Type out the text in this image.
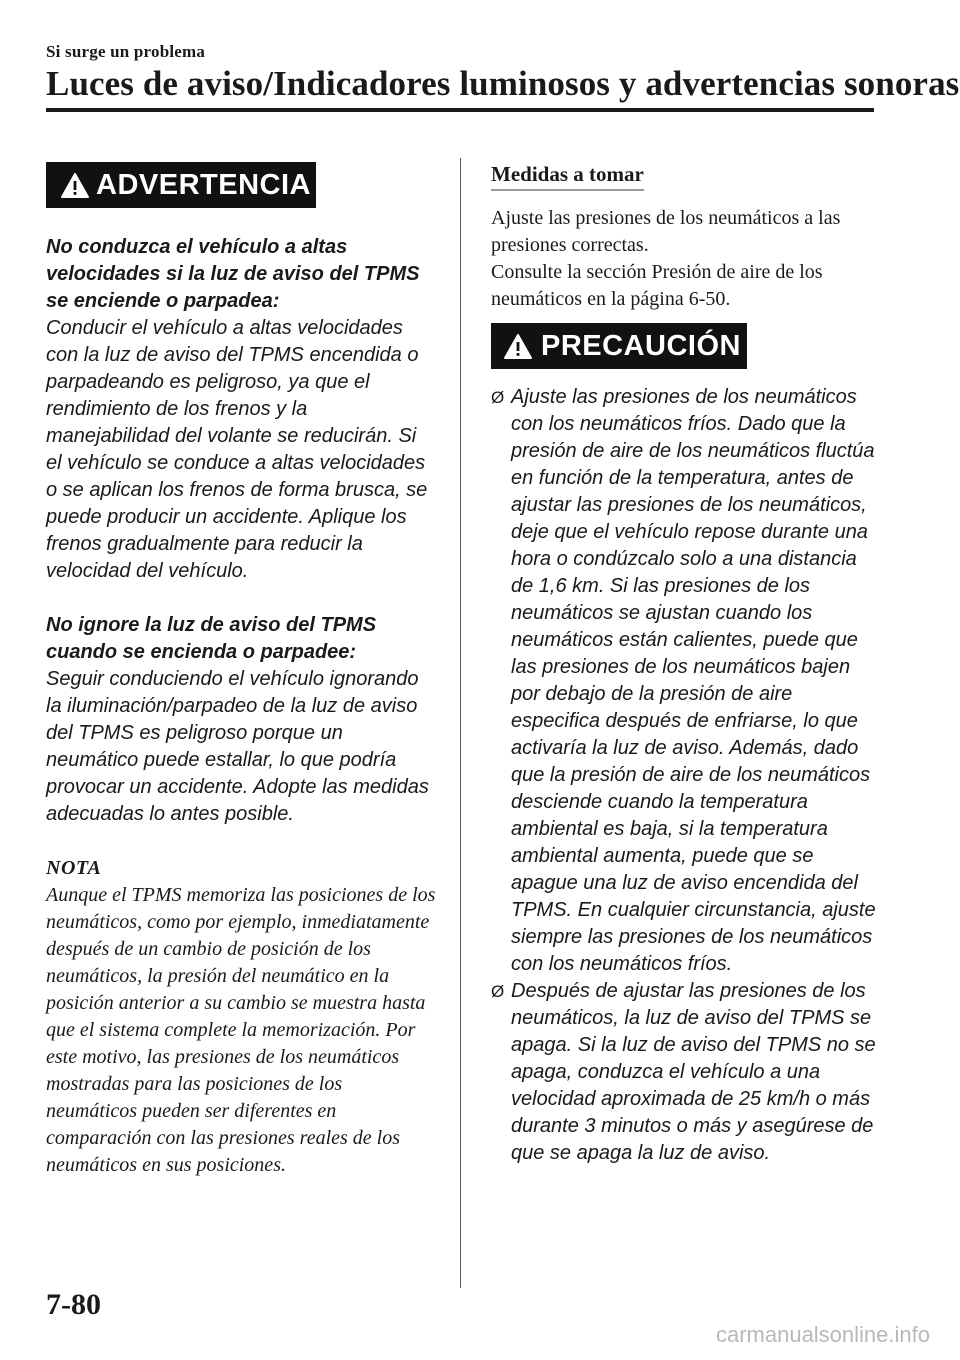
Si surge un problema
Luces de aviso/Indicadores luminosos y advertencias sonoras
ADVERTENCIA

No conduzca el vehículo a altas velocidades si la luz de aviso del TPMS se enciende o parpadea:

Conducir el vehículo a altas velocidades con la luz de aviso del TPMS encendida o parpadeando es peligroso, ya que el rendimiento de los frenos y la manejabilidad del volante se reducirán. Si el vehículo se conduce a altas velocidades o se aplican los frenos de forma brusca, se puede producir un accidente. Aplique los frenos gradualmente para reducir la velocidad del vehículo.

No ignore la luz de aviso del TPMS cuando se encienda o parpadee:

Seguir conduciendo el vehículo ignorando la iluminación/parpadeo de la luz de aviso del TPMS es peligroso porque un neumático puede estallar, lo que podría provocar un accidente. Adopte las medidas adecuadas lo antes posible.

NOTA

Aunque el TPMS memoriza las posiciones de los neumáticos, como por ejemplo, inmediatamente después de un cambio de posición de los neumáticos, la presión del neumático en la posición anterior a su cambio se muestra hasta que el sistema complete la memorización. Por este motivo, las presiones de los neumáticos mostradas para las posiciones de los neumáticos pueden ser diferentes en comparación con las presiones reales de los neumáticos en sus posiciones.

Medidas a tomar

Ajuste las presiones de los neumáticos a las presiones correctas.

Consulte la sección Presión de aire de los neumáticos en la página 6-50.

PRECAUCIÓN
Ø Ajuste las presiones de los neumáticos con los neumáticos fríos. Dado que la presión de aire de los neumáticos fluctúa en función de la temperatura, antes de ajustar las presiones de los neumáticos, deje que el vehículo repose durante una hora o condúzcalo solo a una distancia de 1,6 km. Si las presiones de los neumáticos se ajustan cuando los neumáticos están calientes, puede que las presiones de los neumáticos bajen por debajo de la presión de aire especifica después de enfriarse, lo que activaría la luz de aviso. Además, dado que la presión de aire de los neumáticos desciende cuando la temperatura ambiental es baja, si la temperatura ambiental aumenta, puede que se apague una luz de aviso encendida del TPMS. En cualquier circunstancia, ajuste siempre las presiones de los neumáticos con los neumáticos fríos.
Ø Después de ajustar las presiones de los neumáticos, la luz de aviso del TPMS se apaga. Si la luz de aviso del TPMS no se apaga, conduzca el vehículo a una velocidad aproximada de 25 km/h o más durante 3 minutos o más y asegúrese de que se apaga la luz de aviso.
7-80
carmanualsonline.info
